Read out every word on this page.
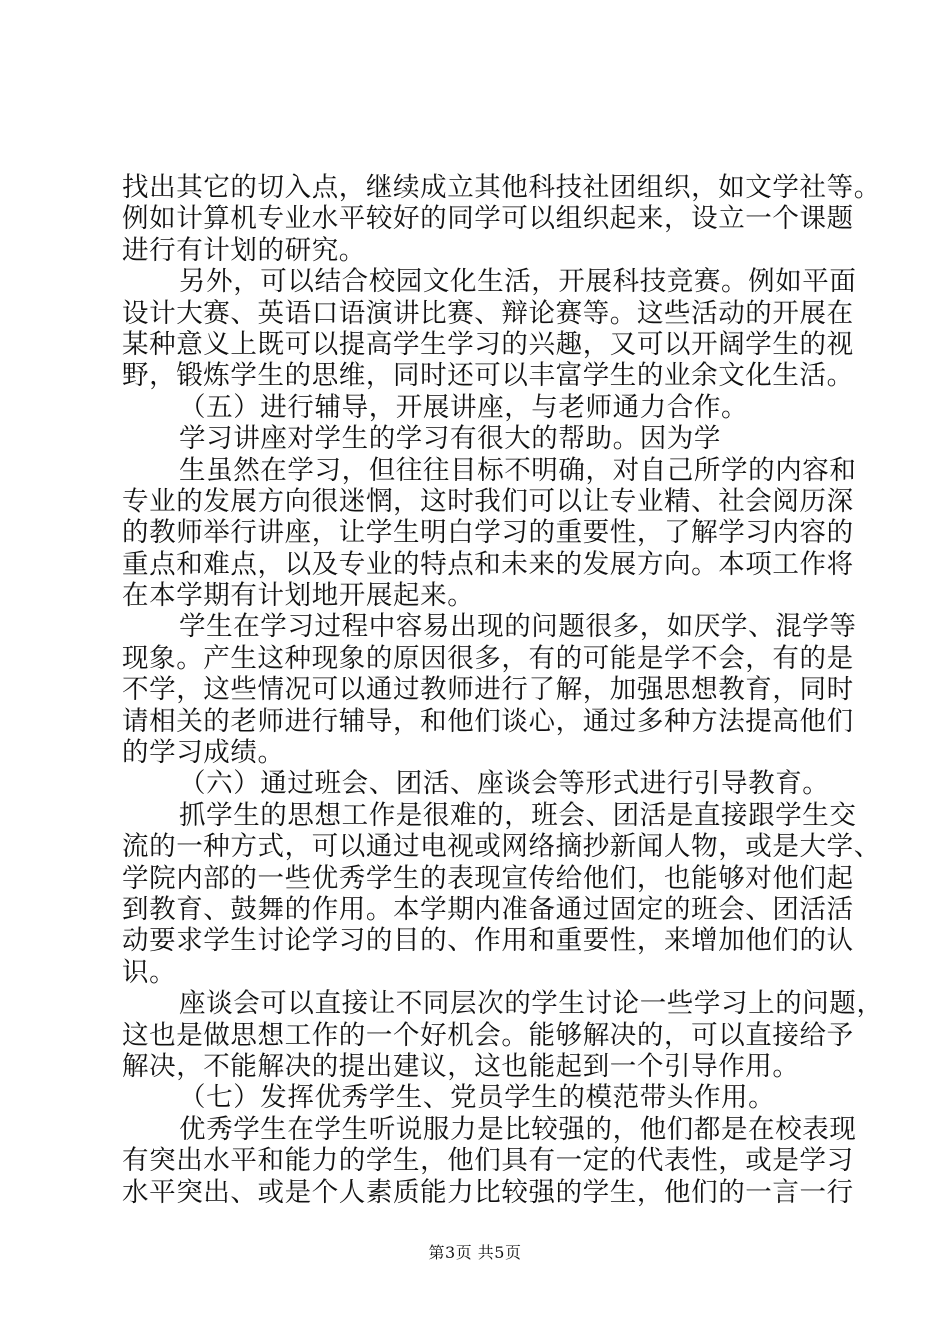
找出其它的切入点，继续成立其他科技社团组织，如文学社等。
例如计算机专业水平较好的同学可以组织起来，设立一个课题
进行有计划的研究。
另外，可以结合校园文化生活，开展科技竞赛。例如平面
设计大赛、英语口语演讲比赛、辩论赛等。这些活动的开展在
某种意义上既可以提高学生学习的兴趣，又可以开阔学生的视
野，锻炼学生的思维，同时还可以丰富学生的业余文化生活。
（五）进行辅导，开展讲座，与老师通力合作。
学习讲座对学生的学习有很大的帮助。因为学
生虽然在学习，但往往目标不明确，对自己所学的内容和
专业的发展方向很迷惘，这时我们可以让专业精、社会阅历深
的教师举行讲座，让学生明白学习的重要性，了解学习内容的
重点和难点，以及专业的特点和未来的发展方向。本项工作将
在本学期有计划地开展起来。
学生在学习过程中容易出现的问题很多，如厌学、混学等
现象。产生这种现象的原因很多，有的可能是学不会，有的是
不学，这些情况可以通过教师进行了解，加强思想教育，同时
请相关的老师进行辅导，和他们谈心，通过多种方法提高他们
的学习成绩。
（六）通过班会、团活、座谈会等形式进行引导教育。
抓学生的思想工作是很难的，班会、团活是直接跟学生交
流的一种方式，可以通过电视或网络摘抄新闻人物，或是大学、
学院内部的一些优秀学生的表现宣传给他们，也能够对他们起
到教育、鼓舞的作用。本学期内准备通过固定的班会、团活活
动要求学生讨论学习的目的、作用和重要性，来增加他们的认
识。
座谈会可以直接让不同层次的学生讨论一些学习上的问题，
这也是做思想工作的一个好机会。能够解决的，可以直接给予
解决，不能解决的提出建议，这也能起到一个引导作用。
（七）发挥优秀学生、党员学生的模范带头作用。
优秀学生在学生听说服力是比较强的，他们都是在校表现
有突出水平和能力的学生，他们具有一定的代表性，或是学习
水平突出、或是个人素质能力比较强的学生，他们的一言一行
第3页 共5页
